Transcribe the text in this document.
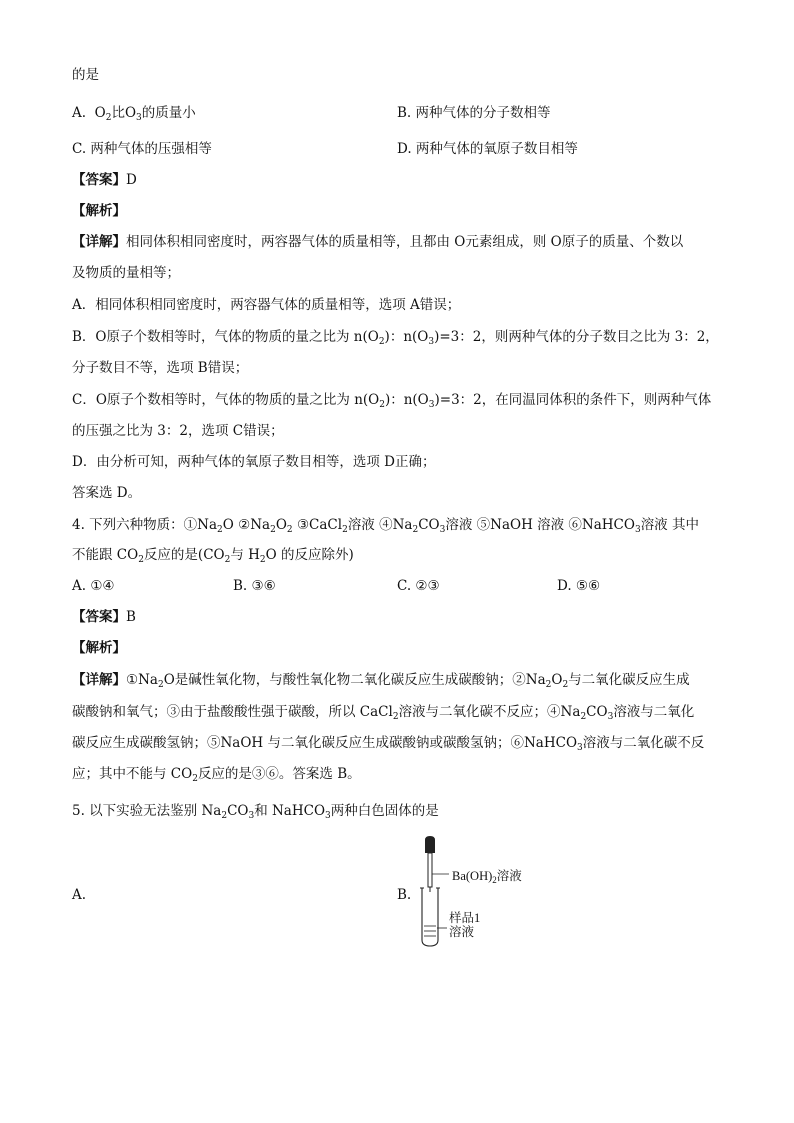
的是
A. $O_2$比$O_3$的质量小	B. 两种气体的分子数相等
C. 两种气体的压强相等	D. 两种气体的氧原子数目相等
【答案】D
【解析】
【详解】相同体积相同密度时，两容器气体的质量相等，且都由 O元素组成，则 O原子的质量、个数以
及物质的量相等；
A．相同体积相同密度时，两容器气体的质量相等，选项 A错误；
B．O原子个数相等时，气体的物质的量之比为 $n(O_2)$：$n(O_3)=3$：2，则两种气体的分子数目之比为 3：2，
分子数目不等，选项 B错误；
C．O原子个数相等时，气体的物质的量之比为 $n(O_2)$：$n(O_3)=3$：2，在同温同体积的条件下，则两种气体
的压强之比为 3：2，选项 C错误；
D．由分析可知，两种气体的氧原子数目相等，选项 D正确；
答案选 D。
4. 下列六种物质：$①Na_2O$ $②Na_2O_2$ ③CaCl$_2$溶液 $④Na_2CO_3$溶液 ⑤NaOH 溶液 ⑥NaHCO$_3$溶液 其中
不能跟 $CO_2$反应的是($CO_2$与 $H_2O$ 的反应除外)
A. ①④	B. ③⑥	C. ②③	D. ⑤⑥
【答案】B
【解析】
【详解】$①Na_2O$是碱性氧化物，与酸性氧化物二氧化碳反应生成碳酸钠；$②Na_2O_2$与二氧化碳反应生成
碳酸钠和氧气；③由于盐酸酸性强于碳酸，所以 CaCl$_2$溶液与二氧化碳不反应；$④Na_2CO_3$溶液与二氧化
碳反应生成碳酸氢钠；⑤NaOH 与二氧化碳反应生成碳酸钠或碳酸氢钠；⑥NaHCO$_3$溶液与二氧化碳不反
应；其中不能与 $CO_2$反应的是③⑥。答案选 B。
5. 以下实验无法鉴别 $Na_2CO_3$和 NaHCO$_3$两种白色固体的是
A.	B.
$Ba(OH)_2$溶液
样品1
溶液
